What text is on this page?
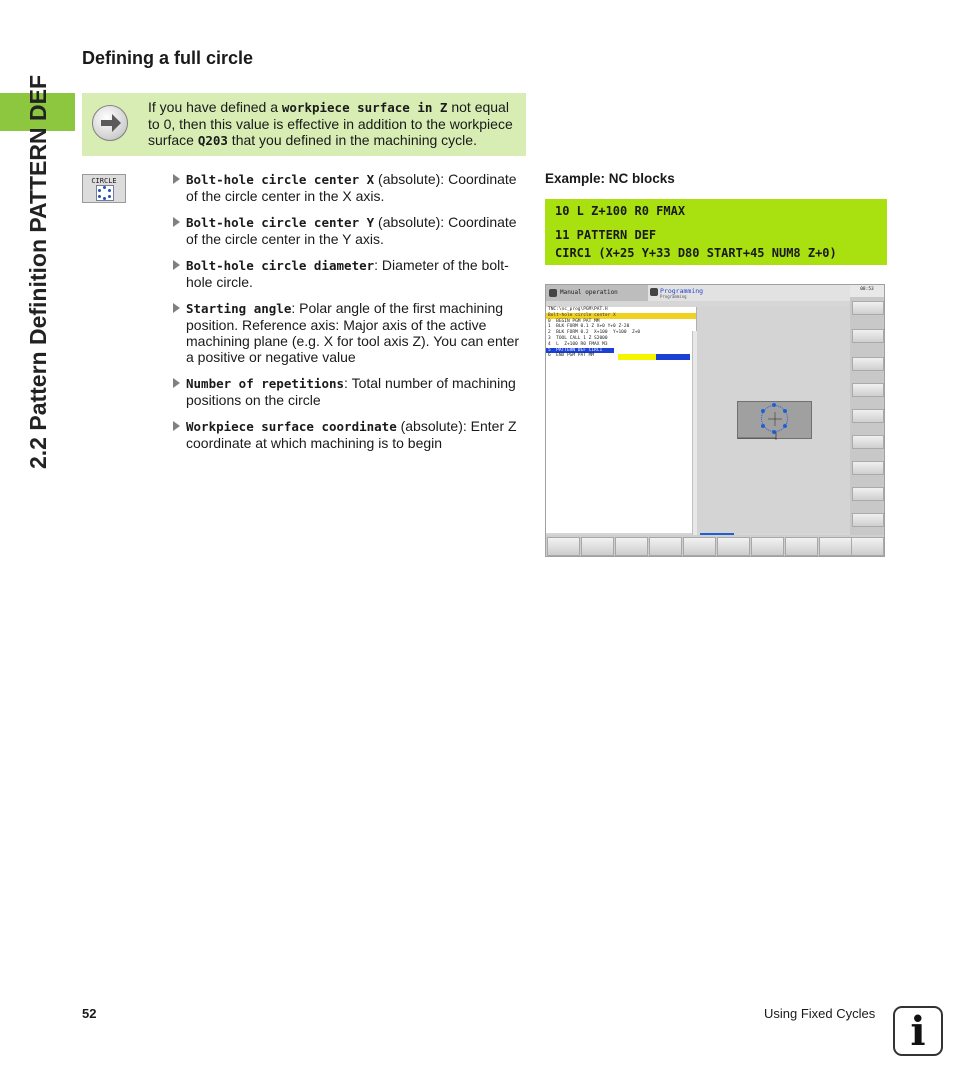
2.2 Pattern Definition PATTERN DEF
Defining a full circle
If you have defined a workpiece surface in Z not equal to 0, then this value is effective in addition to the workpiece surface Q203 that you defined in the machining cycle.
CIRCLE	Bolt-hole circle center X (absolute): Coordinate of the circle center in the X axis.
Bolt-hole circle center Y (absolute): Coordinate of the circle center in the Y axis.
Bolt-hole circle diameter: Diameter of the bolt-hole circle.
Starting angle: Polar angle of the first machining position. Reference axis: Major axis of the active machining plane (e.g. X for tool axis Z). You can enter a positive or negative value
Number of repetitions: Total number of machining positions on the circle
Workpiece surface coordinate (absolute): Enter Z coordinate at which machining is to begin
Example: NC blocks
10 L Z+100 R0 FMAX
11 PATTERN DEF
CIRC1 (X+25 Y+33 D80 START+45 NUM8 Z+0)
Manual operation	Programming
Programming
08:53
TNC:\nc_prog\PGM\PAT.H
Bolt-hole circle center X
0  BEGIN PGM PAT MM
1  BLK FORM 0.1 Z X+0 Y+0 Z-20
2  BLK FORM 0.2  X+100  Y+100  Z+0
3  TOOL CALL 1 Z S2000
4  L  Z+100 R0 FMAX M3
5  PATTERN DEF CIRC1
6  END PGM PAT MM
52	Using Fixed Cycles i
